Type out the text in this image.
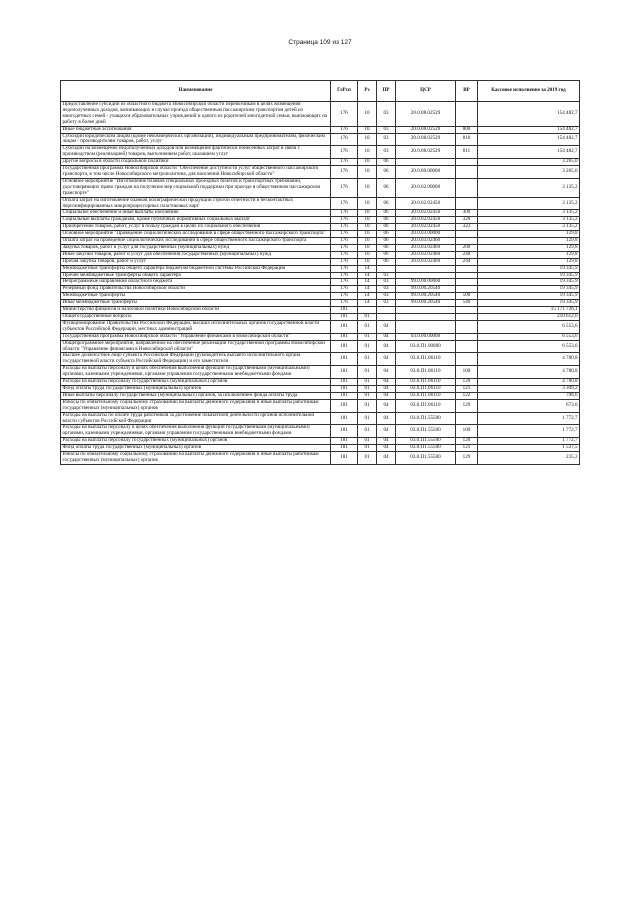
Страница 109 из 127
Наименование	ГлРсп	Рз	ПР	ЦСР	ВР	Кассовое исполнение за 2019 год
Предоставление субсидий из областного бюджета Новосибирской области перевозчикам в целях возмещения недополученных доходов, возникающих в случае проезда общественным пассажирским транспортом детей из многодетных семей - учащихся образовательных учреждений и одного из родителей многодетной семьи, выезжающих на работу в более дней	176	10	03	20.0.08.02529		154 482,7
Иные бюджетные ассигнования	176	10	03	20.0.08.02529	800	154 482,7
Субсидии юридическим лицам (кроме некоммерческих организаций), индивидуальным предпринимателям, физическим лицам - производителям товаров, работ, услуг	176	10	03	20.0.08.02529	810	154 482,7
Субсидии на возмещение недополученных доходов или возмещение фактически понесенных затрат в связи с производством (реализацией) товаров, выполнением работ, оказанием услуг	176	10	03	20.0.08.02529	811	154 482,7
Другие вопросы в области социальной политики	176	10	06			3 265,0
Государственная программа Новосибирской области "Обеспечение доступности услуг общественного пассажирского транспорта, в том числе Новосибирского метрополитена, для населения Новосибирской области"	176	10	06	20.0.00.00000		3 265,0
Основное мероприятие "Изготовление бланков специальных проездных билетов и транспортных требований, удостоверяющих право граждан на получение мер социальной поддержки при проезде в общественном пассажирском транспорте"	176	10	06	20.0.02.00000		3 135,2
Оплата затрат на изготовление бланков полиграфической продукции строгой отчетности и бесконтактных персонифицированных микропроцессорных пластиковых карт	176	10	06	20.0.02.02450		3 135,2
Социальное обеспечение и иные выплаты населению	176	10	06	20.0.02.02450	300	3 135,2
Социальные выплаты гражданам, кроме публичных нормативных социальных выплат	176	10	06	20.0.02.02450	320	3 135,2
Приобретение товаров, работ, услуг в пользу граждан в целях их социального обеспечения	176	10	06	20.0.02.02450	323	3 135,2
Основное мероприятие "Проведение социологических исследований в сфере общественного пассажирского транспорта"	176	10	06	20.0.03.00000		129,8
Оплата затрат на проведение социологических исследований в сфере общественного пассажирского транспорта	176	10	06	20.0.03.02460		129,8
Закупка товаров, работ и услуг для государственных (муниципальных) нужд	176	10	06	20.0.03.02460	200	129,8
Иные закупки товаров, работ и услуг для обеспечения государственных (муниципальных) нужд	176	10	06	20.0.03.02460	240	129,8
Прочая закупка товаров, работ и услуг	176	10	06	20.0.03.02460	244	129,8
Межбюджетные трансферты общего характера бюджетам бюджетной системы Российской Федерации	176	14				19 345,9
Прочие межбюджетные трансферты общего характера	176	14	03			19 345,9
Непрограммные направления областного бюджета	176	14	03	99.0.00.00000		19 345,9
Резервный фонд Правительства Новосибирской области	176	14	03	99.0.00.20540		19 345,9
Межбюджетные трансферты	176	14	03	99.0.00.20540	500	19 345,9
Иные межбюджетные трансферты	176	14	03	99.0.00.20540	540	19 345,9
Министерство финансов и налоговой политики Новосибирской области	181					15 171 726,1
Общегосударственные вопросы	181	01				210 612,0
Функционирование Правительства Российской Федерации, высших исполнительных органов государственной власти субъектов Российской Федерации, местных администраций	181	01	04			6 553,6
Государственная программа Новосибирской области "Управление финансами в Новосибирской области"	181	01	04	03.0.00.00000		6 553,6
Общепрограммное мероприятие, направленное на обеспечение реализации государственной программы Новосибирской области "Управление финансами в Новосибирской области"	181	01	04	03.0.П1.00000		6 553,6
Высшее должностное лицо субъекта Российской Федерации (руководитель высшего исполнительного органа государственной власти субъекта Российской Федерации) и его заместители	181	01	04	03.0.П1.06110		4 780,8
Расходы на выплаты персоналу в целях обеспечения выполнения функций государственными (муниципальными) органами, казенными учреждениями, органами управления государственными внебюджетными фондами	181	01	04	03.0.П1.06110	100	4 780,8
Расходы на выплаты персоналу государственных (муниципальных) органов	181	01	04	03.0.П1.06110	120	4 780,8
Фонд оплаты труда государственных (муниципальных) органов	181	01	04	03.0.П1.06110	121	3 309,2
Иные выплаты персоналу государственных (муниципальных) органов, за исключением фонда оплаты труда	181	01	04	03.0.П1.06110	122	798,6
Взносы по обязательному социальному страхованию на выплаты денежного содержания и иные выплаты работникам государственных (муниципальных) органов	181	01	04	03.0.П1.06110	129	673,0
Расходы на выплаты по оплате труда работников за достижение показателей деятельности органов исполнительной власти субъектов Российской Федерации	181	01	04	03.0.П1.55500		1 772,7
Расходы на выплаты персоналу в целях обеспечения выполнения функций государственными (муниципальными) органами, казенными учреждениями, органами управления государственными внебюджетными фондами	181	01	04	03.0.П1.55500	100	1 772,7
Расходы на выплаты персоналу государственных (муниципальных) органов	181	01	04	03.0.П1.55500	120	1 772,7
Фонд оплаты труда государственных (муниципальных) органов	181	01	04	03.0.П1.55500	121	1 537,5
Взносы по обязательному социальному страхованию на выплаты денежного содержания и иные выплаты работникам государственных (муниципальных) органов	181	01	04	03.0.П1.55500	129	235,2
